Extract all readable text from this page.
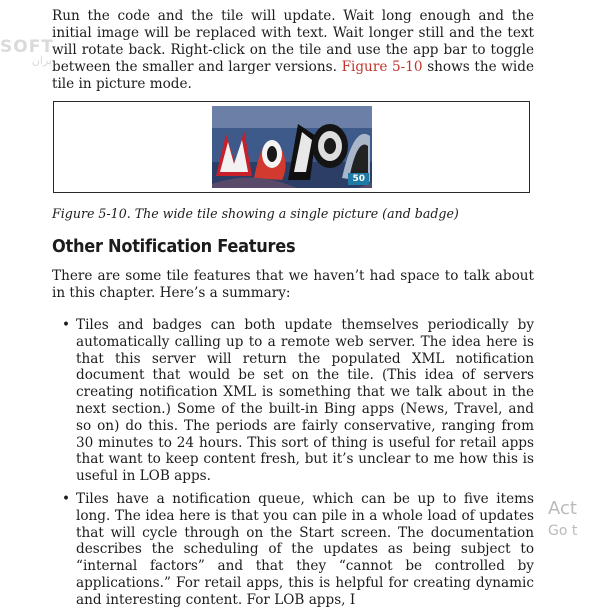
SOFT
یران

Run the code and the tile will update. Wait long enough and the initial image will be replaced with text. Wait longer still and the text will rotate back. Right-click on the tile and use the app bar to toggle between the smaller and larger versions. Figure 5-10 shows the wide tile in picture mode.

50

Figure 5-10. The wide tile showing a single picture (and badge)

Other Notification Features

There are some tile features that we haven’t had space to talk about in this chapter. Here’s a summary:

• Tiles and badges can both update themselves periodically by automatically calling up to a remote web server. The idea here is that this server will return the populated XML notification document that would be set on the tile. (This idea of servers creating notification XML is something that we talk about in the next section.) Some of the built-in Bing apps (News, Travel, and so on) do this. The periods are fairly conservative, ranging from 30 minutes to 24 hours. This sort of thing is useful for retail apps that want to keep content fresh, but it’s unclear to me how this is useful in LOB apps.
• Tiles have a notification queue, which can be up to five items long. The idea here is that you can pile in a whole load of updates that will cycle through on the Start screen. The documentation describes the scheduling of the updates as being subject to “internal factors” and that they “cannot be controlled by applications.” For retail apps, this is helpful for creating dynamic and interesting content. For LOB apps, I
Act
Go t
